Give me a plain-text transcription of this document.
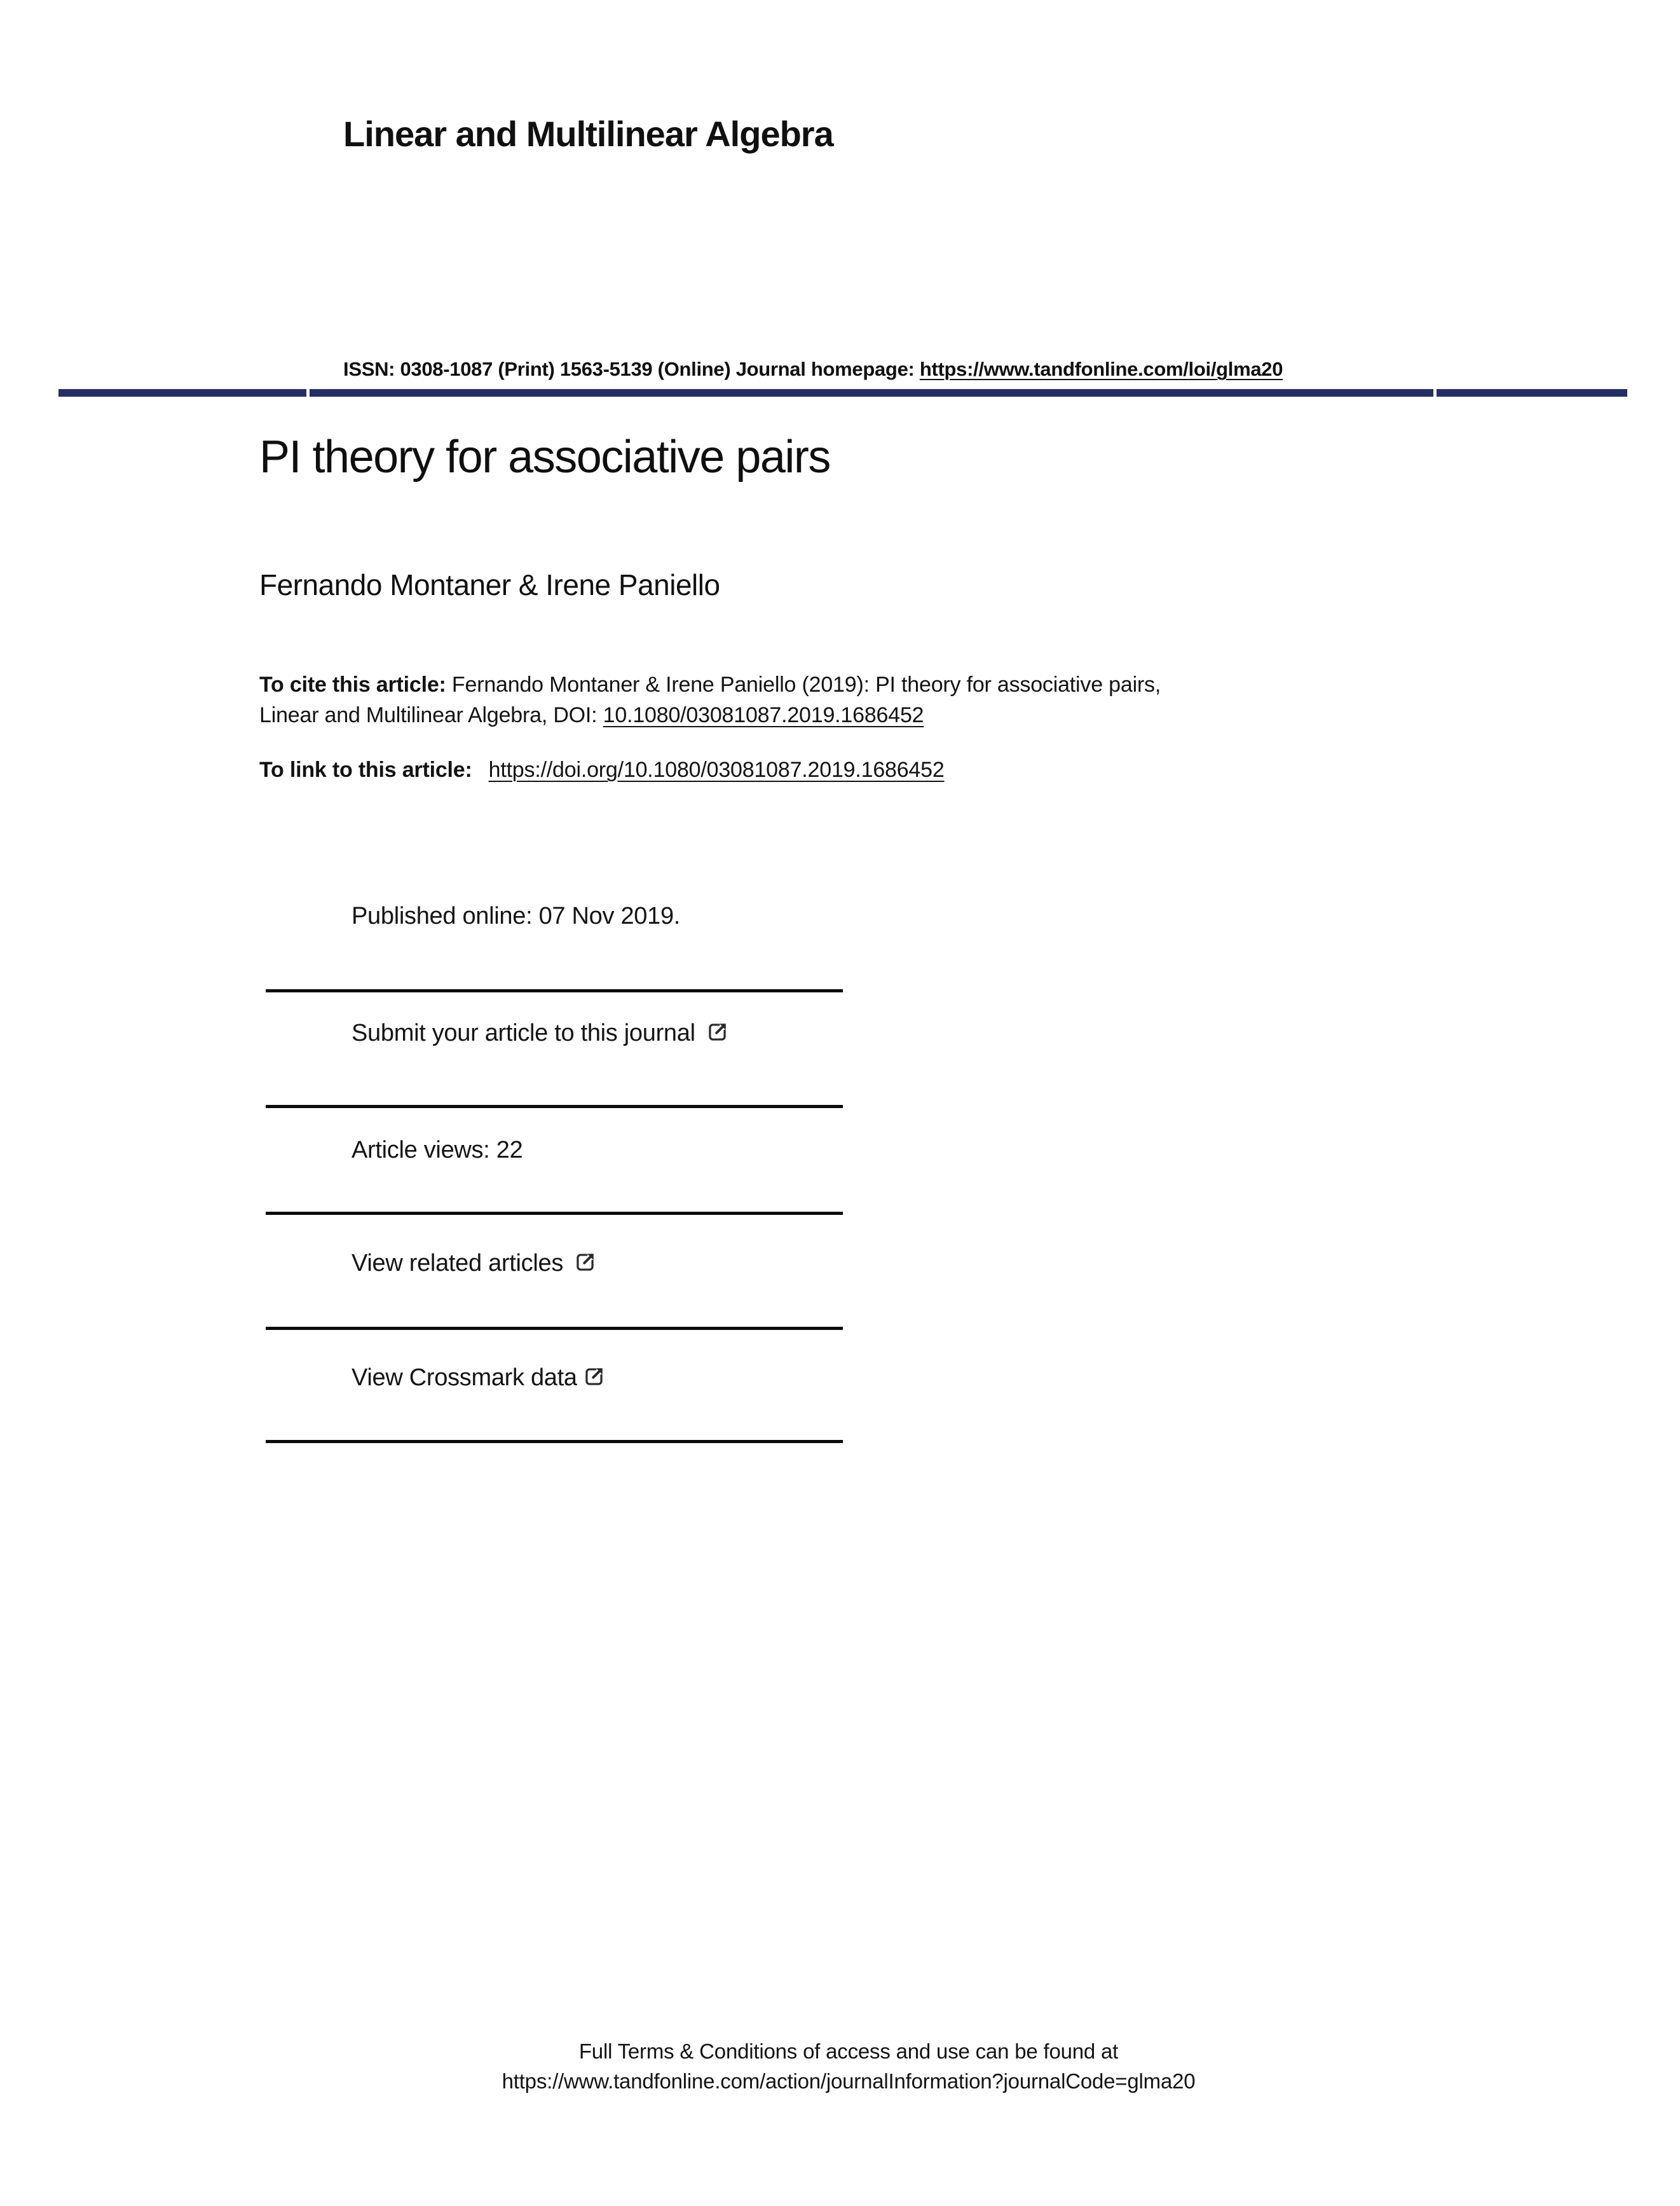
Linear and Multilinear Algebra
ISSN: 0308-1087 (Print) 1563-5139 (Online) Journal homepage: https://www.tandfonline.com/loi/glma20
PI theory for associative pairs
Fernando Montaner & Irene Paniello
To cite this article: Fernando Montaner & Irene Paniello (2019): PI theory for associative pairs,
Linear and Multilinear Algebra, DOI: 10.1080/03081087.2019.1686452
To link to this article: https://doi.org/10.1080/03081087.2019.1686452
Published online: 07 Nov 2019.
Submit your article to this journal
Article views: 22
View related articles
View Crossmark data
Full Terms & Conditions of access and use can be found at
https://www.tandfonline.com/action/journalInformation?journalCode=glma20
